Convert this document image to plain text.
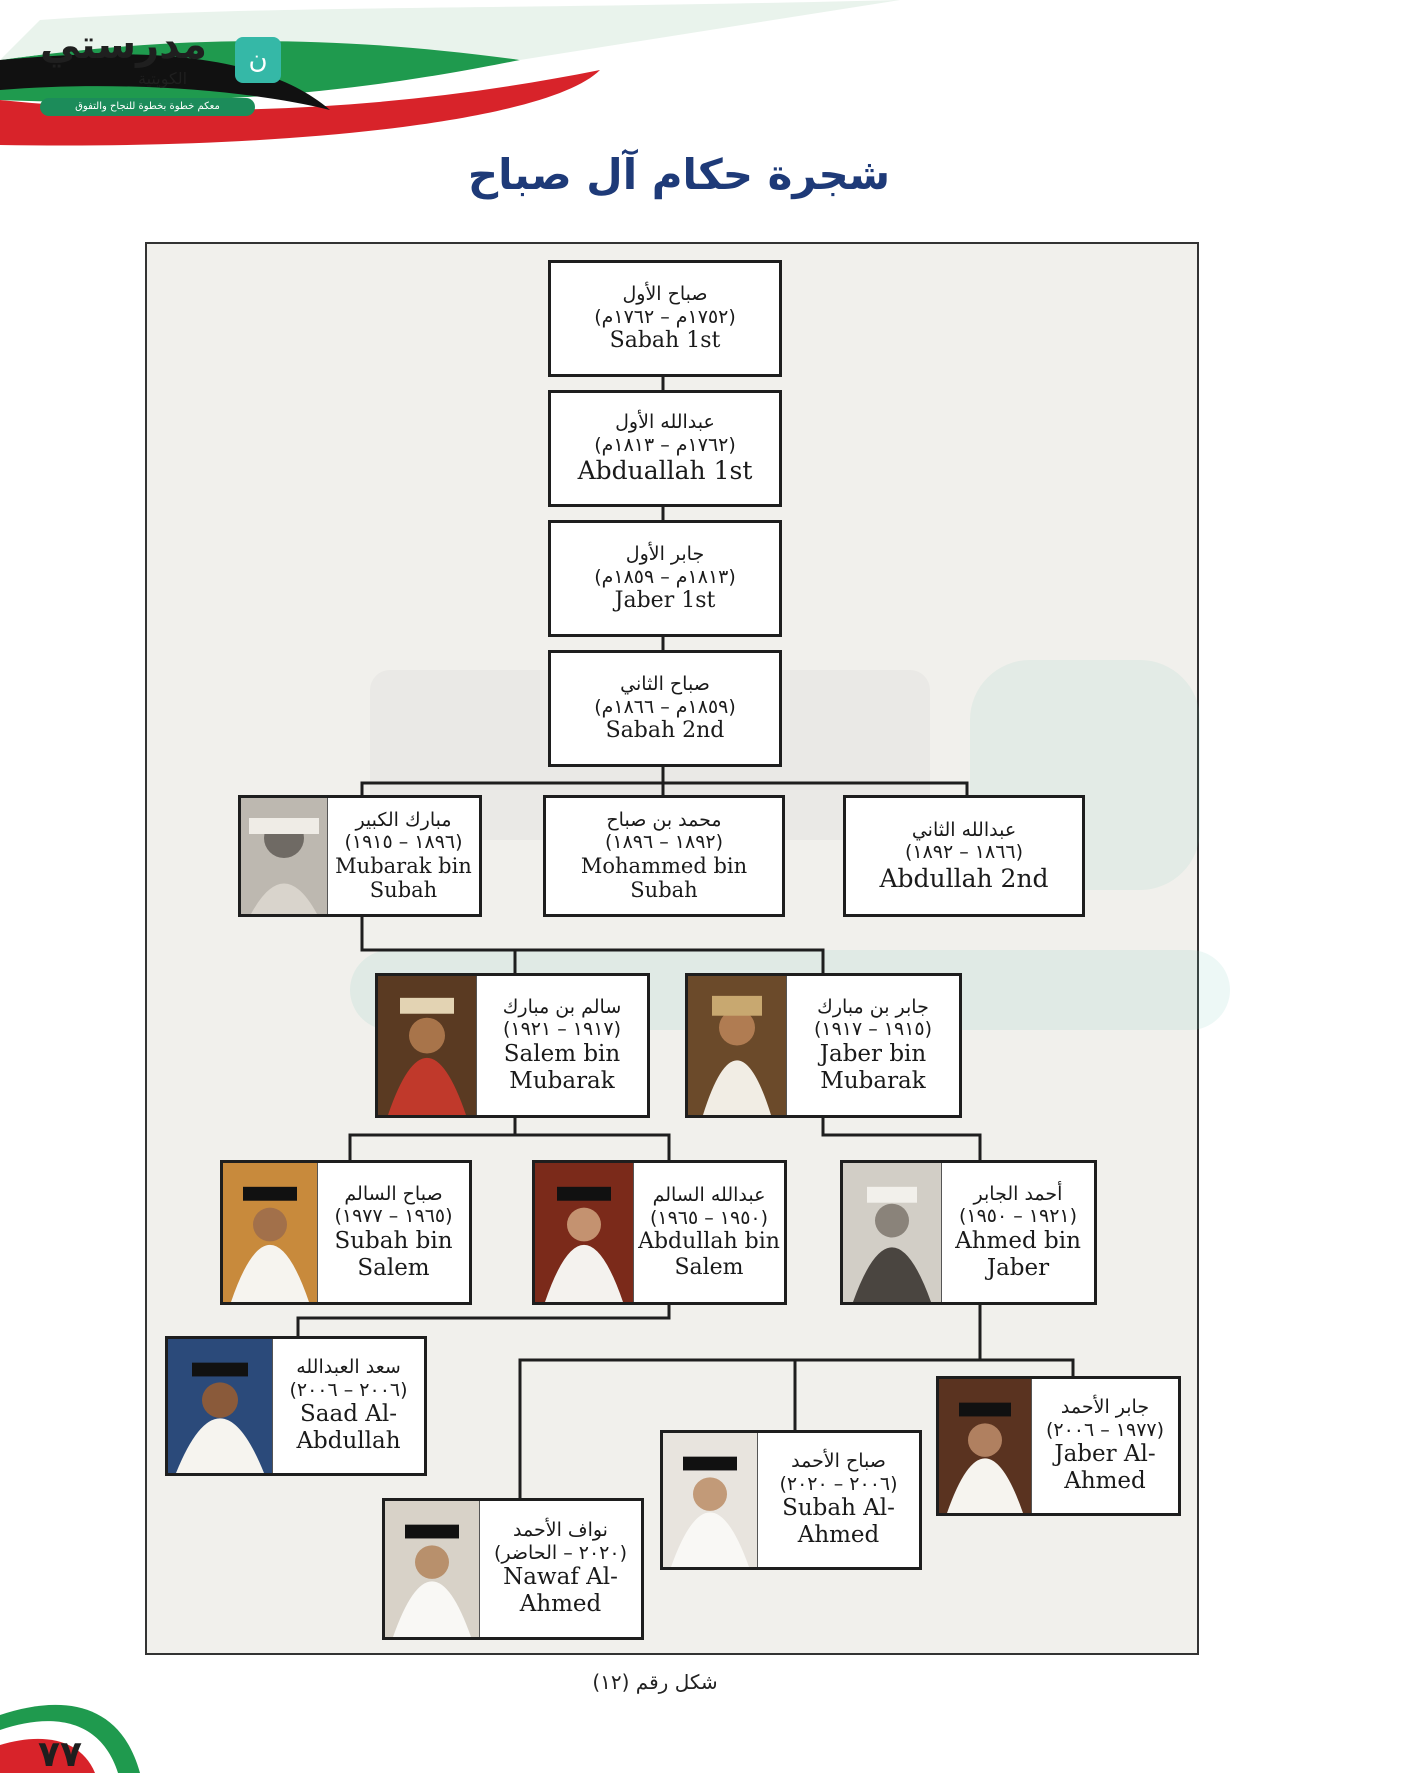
مدرستي
الكويتية
معكم خطوة بخطوة للنجاح والتفوق
ن
شجرة حكام آل صباح
صباح الأول
(١٧٥٢م – ١٧٦٢م)
Sabah 1st
عبدالله الأول
(١٧٦٢م – ١٨١٣م)
Abduallah 1st
جابر الأول
(١٨١٣م – ١٨٥٩م)
Jaber 1st
صباح الثاني
(١٨٥٩م – ١٨٦٦م)
Sabah 2nd
عبدالله الثاني
(١٨٦٦ – ١٨٩٢)
Abdullah 2nd
محمد بن صباح
(١٨٩٢ – ١٨٩٦)
Mohammed bin Subah
مبارك الكبير
(١٨٩٦ – ١٩١٥)
Mubarak bin Subah
جابر بن مبارك
(١٩١٥ – ١٩١٧)
Jaber bin Mubarak
سالم بن مبارك
(١٩١٧ – ١٩٢١)
Salem bin Mubarak
أحمد الجابر
(١٩٢١ – ١٩٥٠)
Ahmed bin Jaber
عبدالله السالم
(١٩٥٠ – ١٩٦٥)
Abdullah bin Salem
صباح السالم
(١٩٦٥ – ١٩٧٧)
Subah bin Salem
سعد العبدالله
(٢٠٠٦ – ٢٠٠٦)
Saad Al-Abdullah
جابر الأحمد
(١٩٧٧ – ٢٠٠٦)
Jaber Al-Ahmed
صباح الأحمد
(٢٠٠٦ – ٢٠٢٠)
Subah Al-Ahmed
نواف الأحمد
(٢٠٢٠ – الحاضر)
Nawaf Al-Ahmed
شكل رقم (١٢)
٧٧
